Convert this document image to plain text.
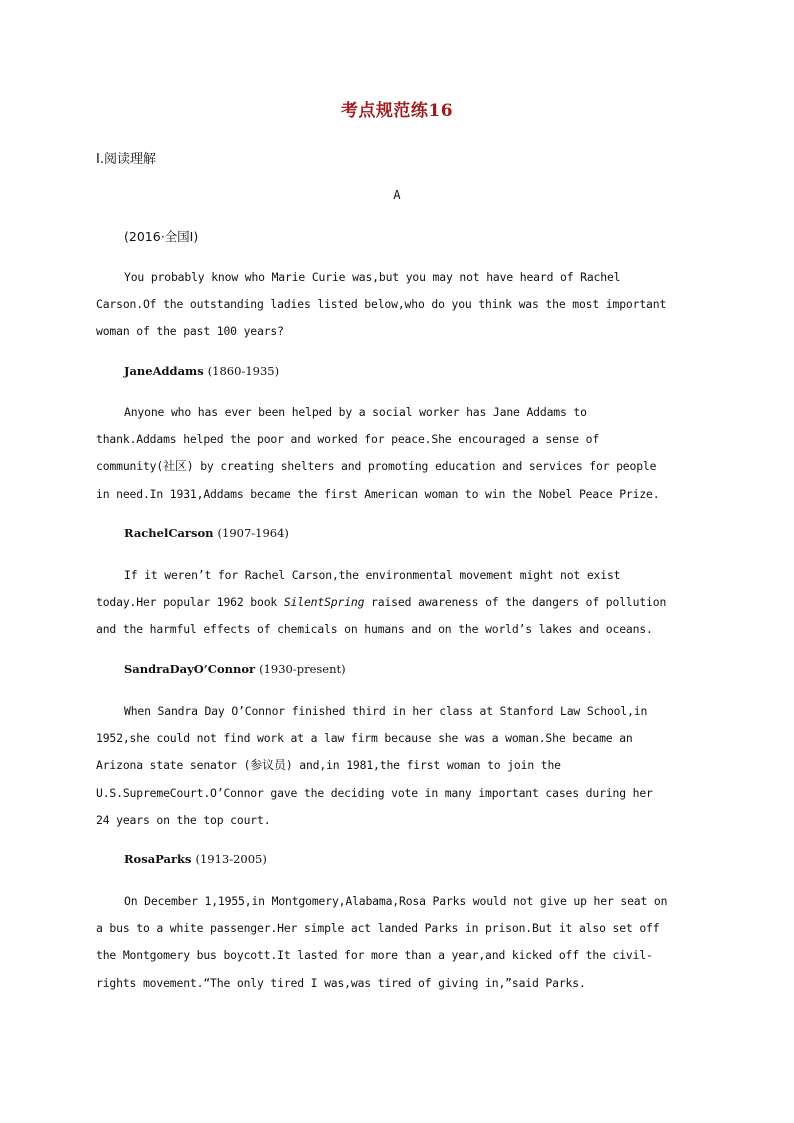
考点规范练16
Ⅰ.阅读理解
A
(2016·全国Ⅰ)
You probably know who Marie Curie was,but you may not have heard of Rachel
Carson.Of the outstanding ladies listed below,who do you think was the most important
woman of the past 100 years?
JaneAddams (1860-1935)
Anyone who has ever been helped by a social worker has Jane Addams to
thank.Addams helped the poor and worked for peace.She encouraged a sense of
community(社区) by creating shelters and promoting education and services for people
in need.In 1931,Addams became the first American woman to win the Nobel Peace Prize.
RachelCarson (1907-1964)
If it weren’t for Rachel Carson,the environmental movement might not exist
today.Her popular 1962 book SilentSpring raised awareness of the dangers of pollution
and the harmful effects of chemicals on humans and on the world’s lakes and oceans.
SandraDayO’Connor (1930-present)
When Sandra Day O’Connor finished third in her class at Stanford Law School,in
1952,she could not find work at a law firm because she was a woman.She became an
Arizona state senator (参议员) and,in 1981,the first woman to join the
U.S.SupremeCourt.O’Connor gave the deciding vote in many important cases during her
24 years on the top court.
RosaParks (1913-2005)
On December 1,1955,in Montgomery,Alabama,Rosa Parks would not give up her seat on
a bus to a white passenger.Her simple act landed Parks in prison.But it also set off
the Montgomery bus boycott.It lasted for more than a year,and kicked off the civil-
rights movement.“The only tired I was,was tired of giving in,”said Parks.
